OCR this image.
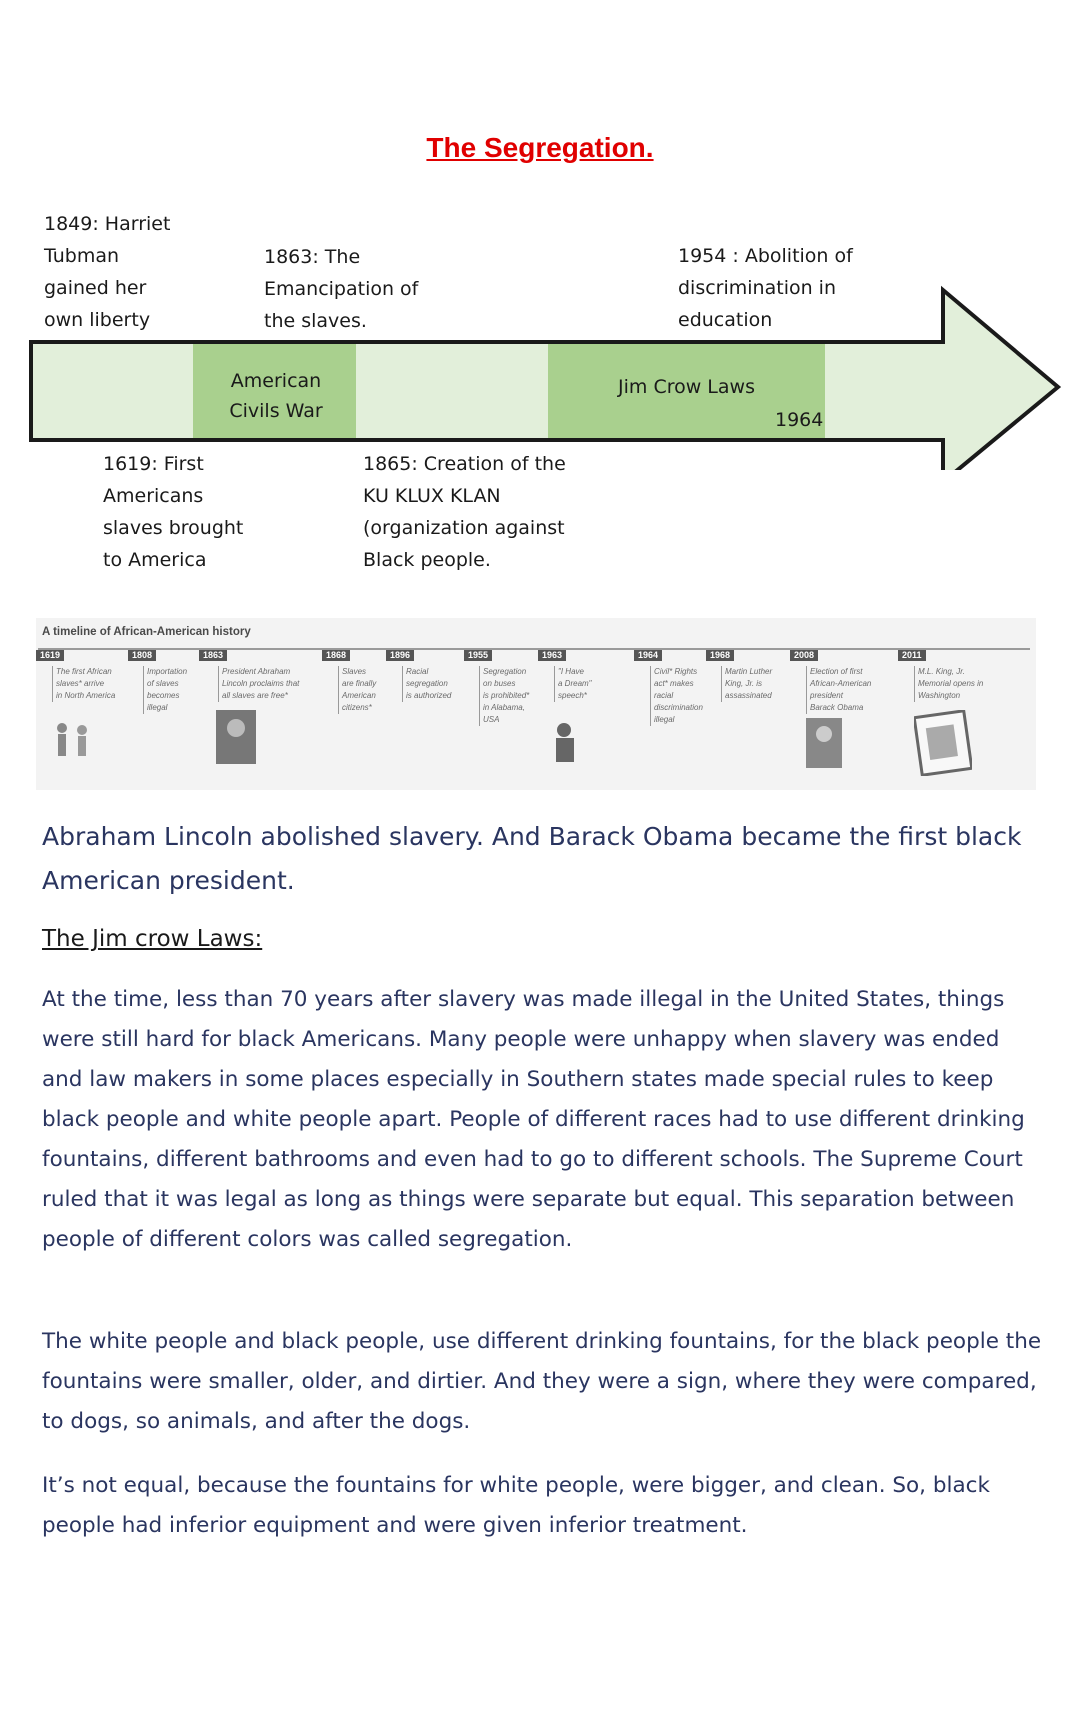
The Segregation.
American
Civils War
Jim Crow Laws
1964
1849: Harriet
Tubman
gained her
own liberty
1863: The
Emancipation of
the slaves.
1954 : Abolition of
discrimination in
education
1619: First
Americans
slaves brought
to America
1865: Creation of the
KU KLUX KLAN
(organization against
Black people.
A timeline of African-American history
1619
The first African
slaves* arrive
in North America
1808
Importation
of slaves
becomes
illegal
1863
President Abraham
Lincoln proclaims that
all slaves are free*
1868
Slaves
are finally
American
citizens*
1896
Racial
segregation
is authorized
1955
Segregation
on buses
is prohibited*
in Alabama,
USA
1963
"I Have
a Dream"
speech*
1964
Civil* Rights
act* makes
racial
discrimination
illegal
1968
Martin Luther
King, Jr. is
assassinated
2008
Election of first
African-American
president
Barack Obama
2011
M.L. King, Jr.
Memorial opens in
Washington
Abraham Lincoln abolished slavery. And Barack Obama became the first black American president.
The Jim crow Laws:
At the time, less than 70 years after slavery was made illegal in the United States, things were still hard for black Americans. Many people were unhappy when slavery was ended and law makers in some places especially in Southern states made special rules to keep black people and white people apart. People of different races had to use different drinking fountains, different bathrooms and even had to go to different schools. The Supreme Court ruled that it was legal as long as things were separate but equal. This separation between people of different colors was called segregation.
The white people and black people, use different drinking fountains, for the black people the fountains were smaller, older, and dirtier. And they were a sign, where they were compared, to dogs, so animals, and after the dogs.
It’s not equal, because the fountains for white people, were bigger, and clean. So, black people had inferior equipment and were given inferior treatment.
